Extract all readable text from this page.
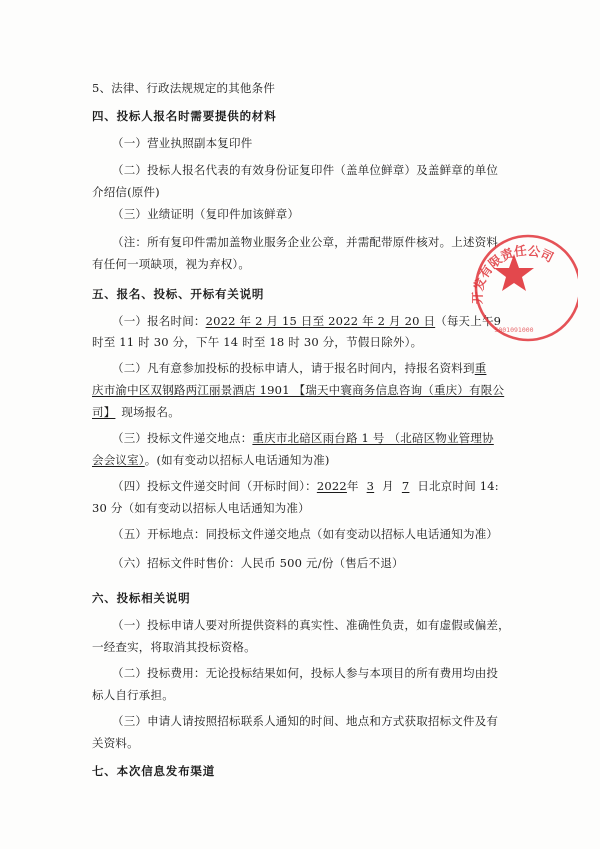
5、法律、行政法规规定的其他条件
四、投标人报名时需要提供的材料
（一）营业执照副本复印件
（二）投标人报名代表的有效身份证复印件（盖单位鲜章）及盖鲜章的单位
介绍信(原件)
（三）业绩证明（复印件加该鲜章）
（注：所有复印件需加盖物业服务企业公章，并需配带原件核对。上述资料
有任何一项缺项，视为弃权）。
五、报名、投标、开标有关说明
（一）报名时间：2022 年 2 月 15 日至 2022 年 2 月 20 日（每天上午9
时至 11 时 30 分，下午 14 时至 18 时 30 分，节假日除外）。
（二）凡有意参加投标的投标申请人，请于报名时间内，持报名资料到重
庆市渝中区双钢路两江丽景酒店 1901 【瑞天中寰商务信息咨询（重庆）有限公
司】 现场报名。
（三）投标文件递交地点：重庆市北碚区雨台路 1 号 （北碚区物业管理协
会会议室）。(如有变动以招标人电话通知为准)
（四）投标文件递交时间（开标时间）：2022年 3 月 7 日北京时间 14:
30 分（如有变动以招标人电话通知为准）
（五）开标地点：同投标文件递交地点（如有变动以招标人电话通知为准）
（六）招标文件时售价：人民币 500 元/份（售后不退）
六、投标相关说明
（一）投标申请人要对所提供资料的真实性、准确性负责，如有虚假或偏差，
一经查实，将取消其投标资格。
（二）投标费用：无论投标结果如何，投标人参与本项目的所有费用均由投
标人自行承担。
（三）申请人请按照招标联系人通知的时间、地点和方式获取招标文件及有
关资料。
七、本次信息发布渠道
开发有限责任公司
5001091000
